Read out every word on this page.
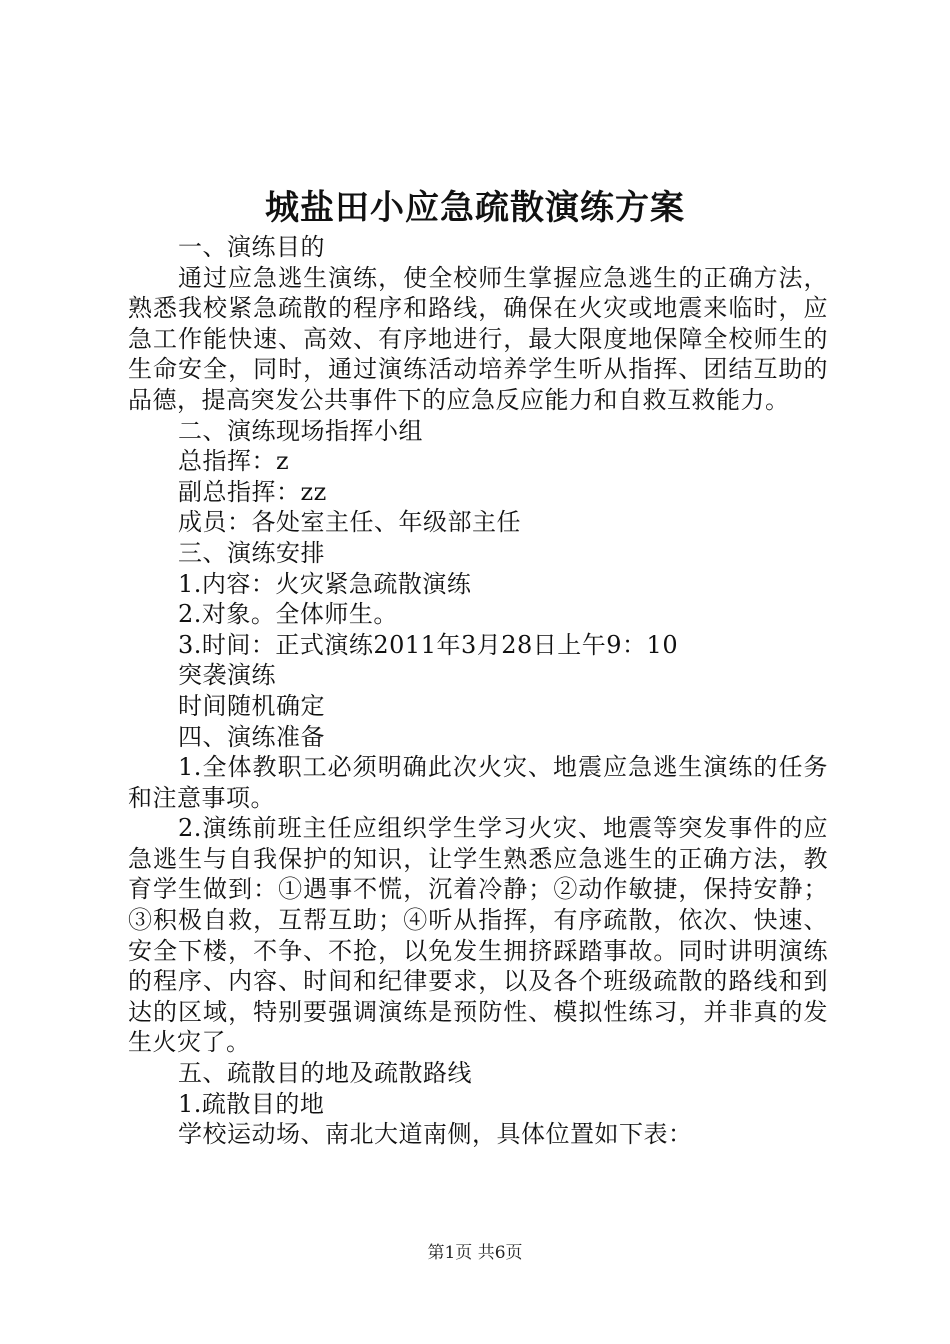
城盐田小应急疏散演练方案

一、演练目的

通过应急逃生演练，使全校师生掌握应急逃生的正确方法，熟悉我校紧急疏散的程序和路线，确保在火灾或地震来临时，应急工作能快速、高效、有序地进行，最大限度地保障全校师生的生命安全，同时，通过演练活动培养学生听从指挥、团结互助的品德，提高突发公共事件下的应急反应能力和自救互救能力。

二、演练现场指挥小组

总指挥：z

副总指挥：zz

成员：各处室主任、年级部主任

三、演练安排

1.内容：火灾紧急疏散演练

2.对象。全体师生。

3.时间：正式演练2011年3月28日上午9：10

突袭演练

时间随机确定

四、演练准备

1.全体教职工必须明确此次火灾、地震应急逃生演练的任务和注意事项。

2.演练前班主任应组织学生学习火灾、地震等突发事件的应急逃生与自我保护的知识，让学生熟悉应急逃生的正确方法，教育学生做到：①遇事不慌，沉着冷静；②动作敏捷，保持安静；③积极自救，互帮互助；④听从指挥，有序疏散，依次、快速、安全下楼，不争、不抢，以免发生拥挤踩踏事故。同时讲明演练的程序、内容、时间和纪律要求，以及各个班级疏散的路线和到达的区域，特别要强调演练是预防性、模拟性练习，并非真的发生火灾了。

五、疏散目的地及疏散路线

1.疏散目的地

学校运动场、南北大道南侧，具体位置如下表：

第1页 共6页
